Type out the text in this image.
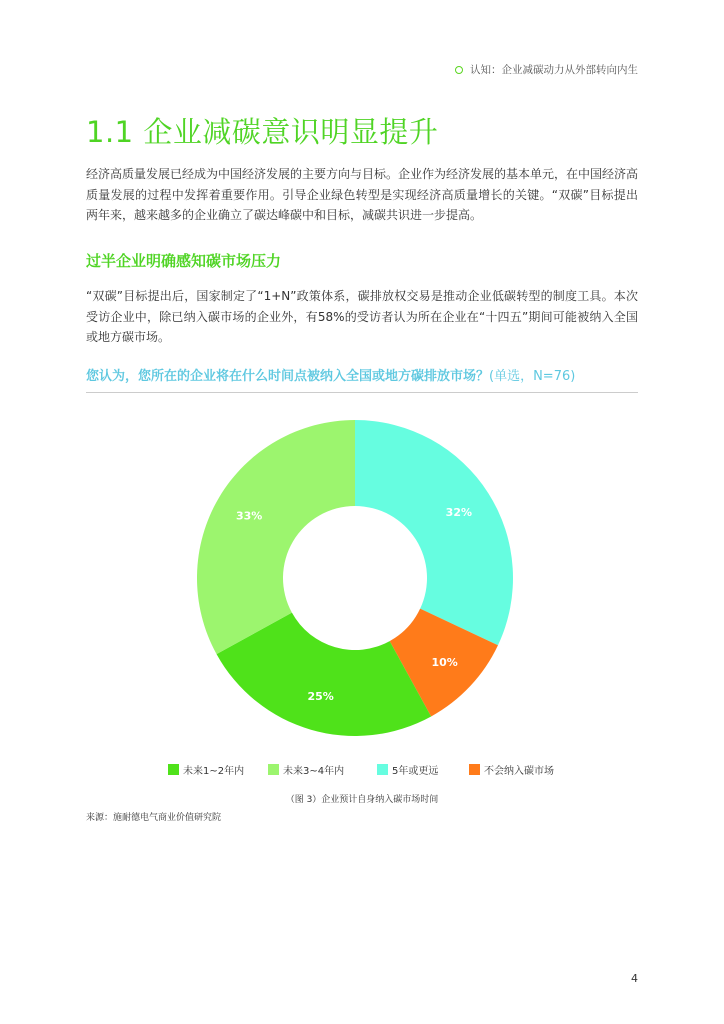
认知：企业减碳动力从外部转向内生
1.1 企业减碳意识明显提升

经济高质量发展已经成为中国经济发展的主要方向与目标。企业作为经济发展的基本单元，在中国经济高质量发展的过程中发挥着重要作用。引导企业绿色转型是实现经济高质量增长的关键。“双碳”目标提出两年来，越来越多的企业确立了碳达峰碳中和目标，减碳共识进一步提高。

过半企业明确感知碳市场压力

“双碳”目标提出后，国家制定了“1+N”政策体系，碳排放权交易是推动企业低碳转型的制度工具。本次受访企业中，除已纳入碳市场的企业外，有58%的受访者认为所在企业在“十四五”期间可能被纳入全国或地方碳市场。

您认为，您所在的企业将在什么时间点被纳入全国或地方碳排放市场？(单选，N=76)

32%
10%
25%
33%
未来1~2年内	未来3~4年内	5年或更远	不会纳入碳市场
（图 3）企业预计自身纳入碳市场时间
来源：施耐德电气商业价值研究院
4
